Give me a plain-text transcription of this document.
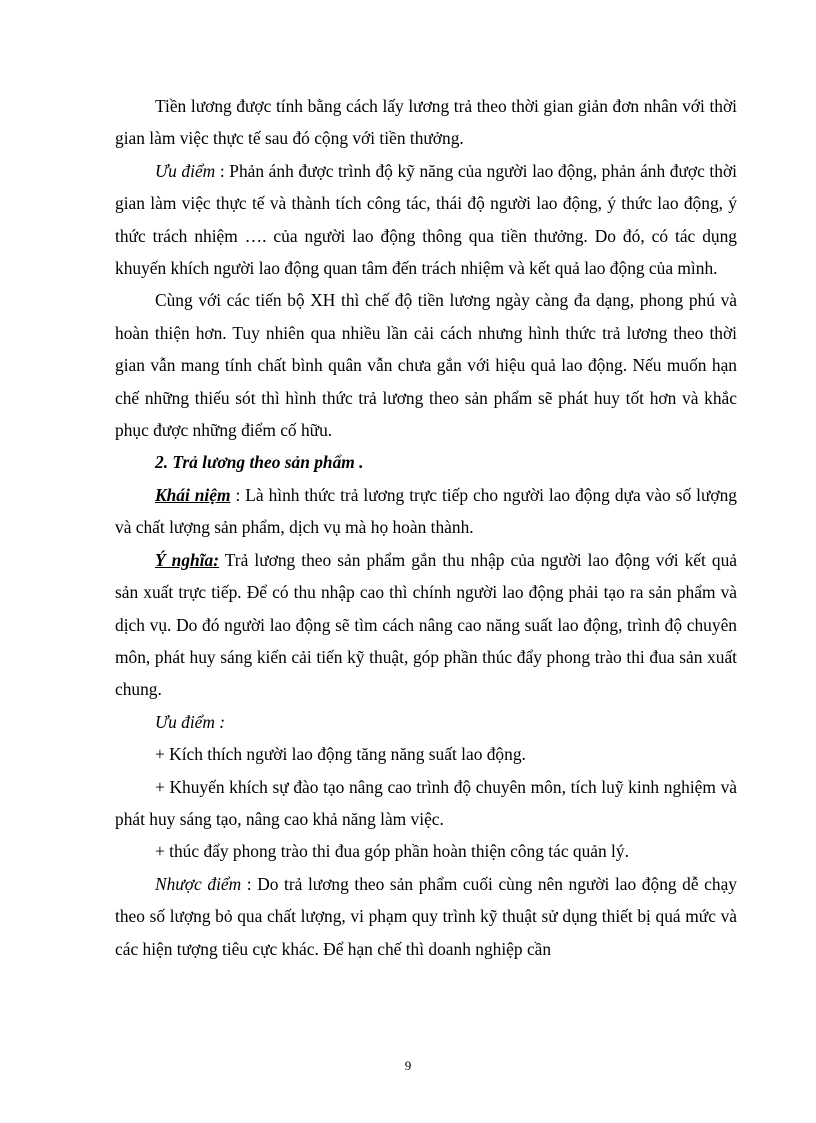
Tiền lương được tính bằng cách lấy lương trả theo thời gian giản đơn nhân với thời gian làm việc thực tế sau đó cộng với tiền thưởng.

Ưu điểm : Phản ánh được trình độ kỹ năng của người lao động, phản ánh được thời gian làm việc thực tế và thành tích công tác, thái độ người lao động, ý thức lao động, ý thức trách nhiệm …. của người lao động thông qua tiền thưởng. Do đó, có tác dụng khuyến khích người lao động quan tâm đến trách nhiệm và kết quả lao động của mình.

Cùng với các tiến bộ XH thì chế độ tiền lương ngày càng đa dạng, phong phú và hoàn thiện hơn. Tuy nhiên qua nhiều lần cải cách nhưng hình thức trả lương theo thời gian vẫn mang tính chất bình quân vẫn chưa gắn với hiệu quả lao động. Nếu muốn hạn chế những thiếu sót thì hình thức trả lương theo sản phẩm sẽ phát huy tốt hơn và khắc phục được những điểm cố hữu.

2. Trả lương theo sản phẩm .

Khái niệm : Là hình thức trả lương trực tiếp cho người lao động dựa vào số lượng và chất lượng sản phẩm, dịch vụ mà họ hoàn thành.

Ý nghĩa: Trả lương theo sản phẩm gắn thu nhập của người lao động với kết quả sản xuất trực tiếp. Để có thu nhập cao thì chính người lao động phải tạo ra sản phẩm và dịch vụ. Do đó người lao động sẽ tìm cách nâng cao năng suất lao động, trình độ chuyên môn, phát huy sáng kiến cải tiến kỹ thuật, góp phần thúc đẩy phong trào thi đua sản xuất chung.

Ưu điểm :

+ Kích thích người lao động tăng năng suất lao động.

+ Khuyến khích sự đào tạo nâng cao trình độ chuyên môn, tích luỹ kinh nghiệm và phát huy sáng tạo, nâng cao khả năng làm việc.

+ thúc đẩy phong trào thi đua góp phần hoàn thiện công tác quản lý.

Nhược điểm : Do trả lương theo sản phẩm cuối cùng nên người lao động dễ chạy theo số lượng bỏ qua chất lượng, vi phạm quy trình kỹ thuật sử dụng thiết bị quá mức và các hiện tượng tiêu cực khác. Để hạn chế thì doanh nghiệp cần

9
